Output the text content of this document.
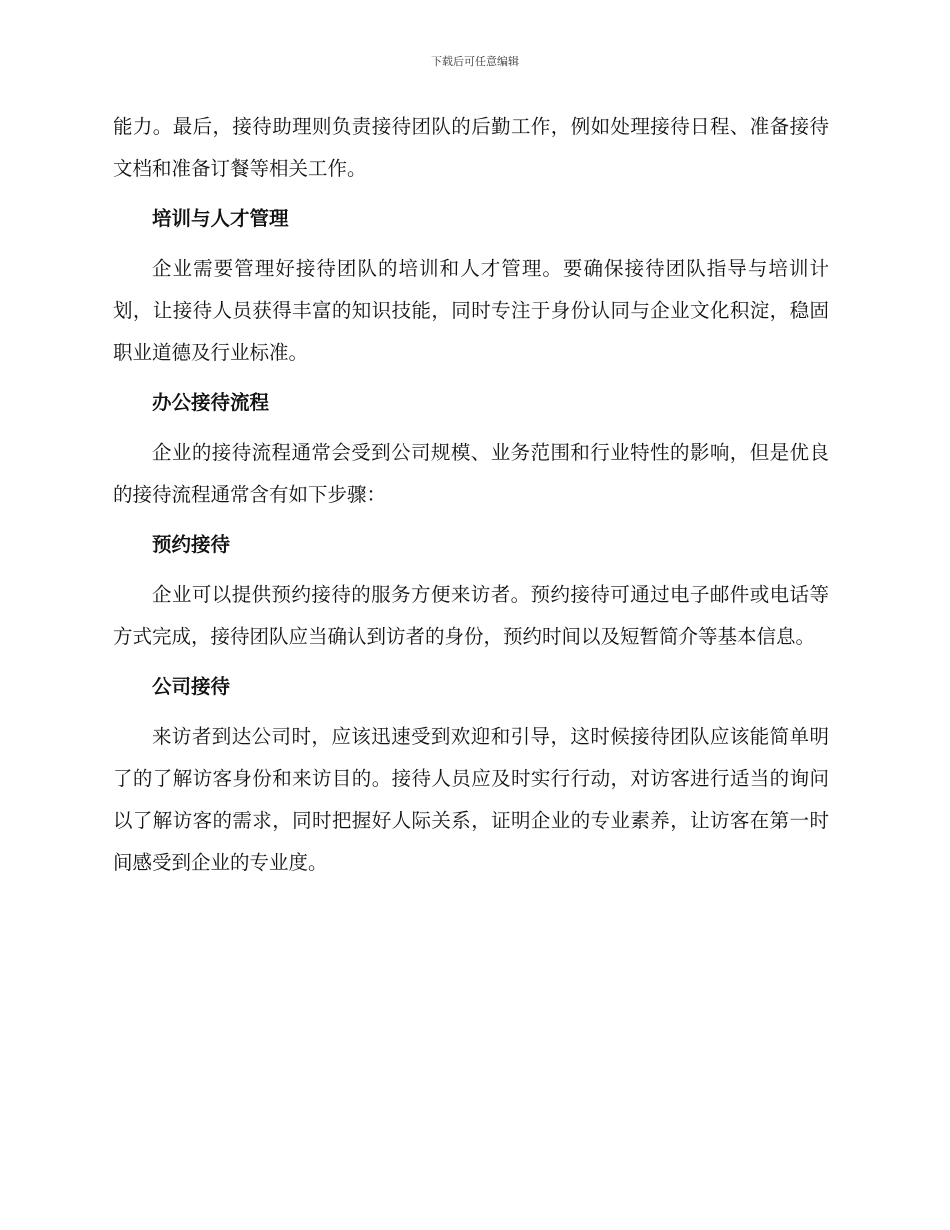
下载后可任意编辑

能力。最后，接待助理则负责接待团队的后勤工作，例如处理接待日程、准备接待文档和准备订餐等相关工作。

培训与人才管理

企业需要管理好接待团队的培训和人才管理。要确保接待团队指导与培训计划，让接待人员获得丰富的知识技能，同时专注于身份认同与企业文化积淀，稳固职业道德及行业标准。

办公接待流程

企业的接待流程通常会受到公司规模、业务范围和行业特性的影响，但是优良的接待流程通常含有如下步骤：

预约接待

企业可以提供预约接待的服务方便来访者。预约接待可通过电子邮件或电话等方式完成，接待团队应当确认到访者的身份，预约时间以及短暂简介等基本信息。

公司接待

来访者到达公司时，应该迅速受到欢迎和引导，这时候接待团队应该能简单明了的了解访客身份和来访目的。接待人员应及时实行行动，对访客进行适当的询问以了解访客的需求，同时把握好人际关系，证明企业的专业素养，让访客在第一时间感受到企业的专业度。
